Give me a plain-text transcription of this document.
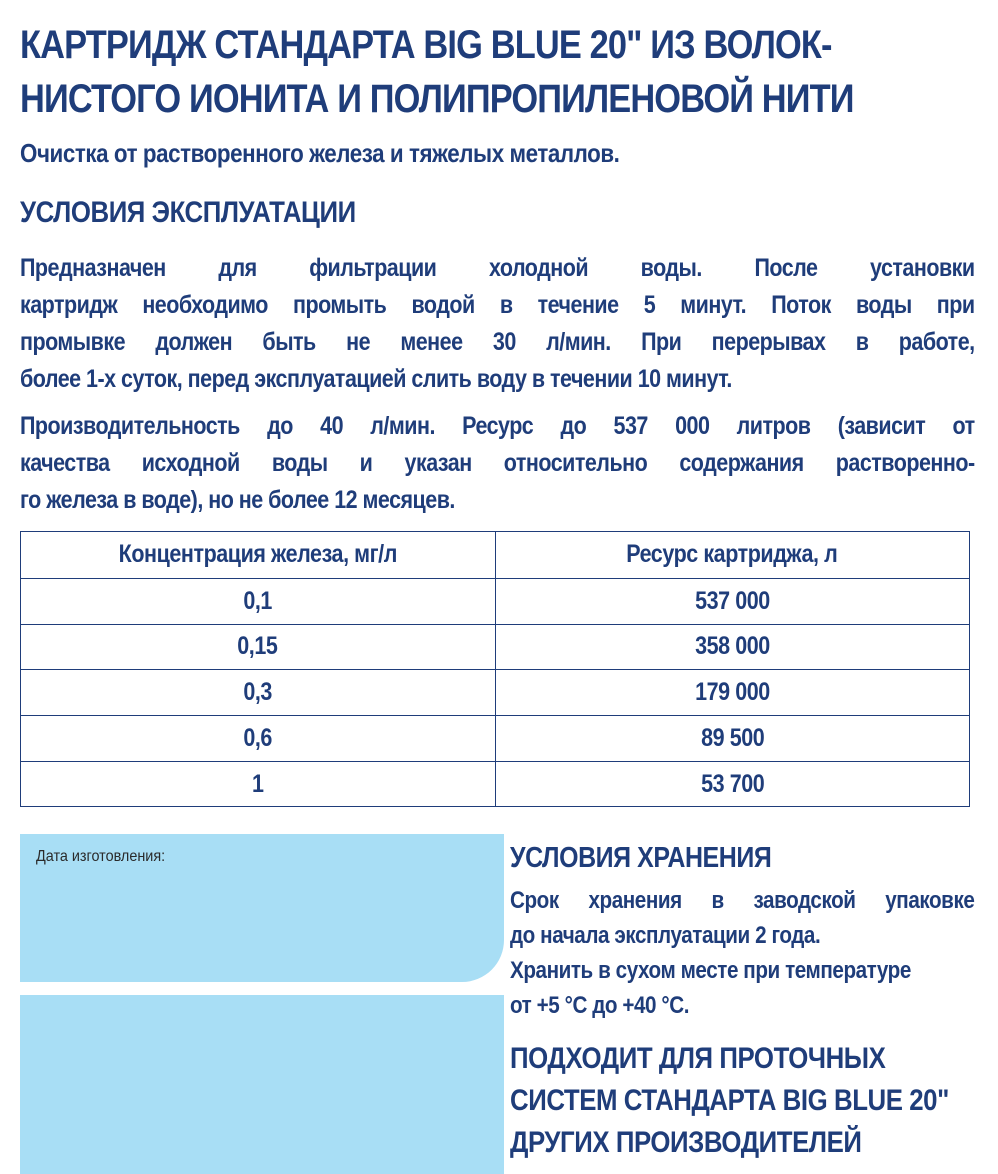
КАРТРИДЖ СТАНДАРТА BIG BLUE 20" ИЗ ВОЛОК-
НИСТОГО ИОНИТА И ПОЛИПРОПИЛЕНОВОЙ НИТИ
Очистка от растворенного железа и тяжелых металлов.
УСЛОВИЯ ЭКСПЛУАТАЦИИ
Предназначен для фильтрации холодной воды. После установки
картридж необходимо промыть водой в течение 5 минут. Поток воды при
промывке должен быть не менее 30 л/мин. При перерывах в работе,
более 1-х суток, перед эксплуатацией слить воду в течении 10 минут.
Производительность до 40 л/мин. Ресурс до 537 000 литров (зависит от
качества исходной воды и указан относительно содержания растворенно-
го железа в воде), но не более 12 месяцев.
Концентрация железа, мг/л	Ресурс картриджа, л
0,1	537 000
0,15	358 000
0,3	179 000
0,6	89 500
1	53 700
Дата изготовления:	УСЛОВИЯ ХРАНЕНИЯ
Срок хранения в заводской упаковке
до начала эксплуатации 2 года.
Хранить в сухом месте при температуре
от +5 °С до +40 °С.
ПОДХОДИТ ДЛЯ ПРОТОЧНЫХ
СИСТЕМ СТАНДАРТА BIG BLUE 20"
ДРУГИХ ПРОИЗВОДИТЕЛЕЙ
